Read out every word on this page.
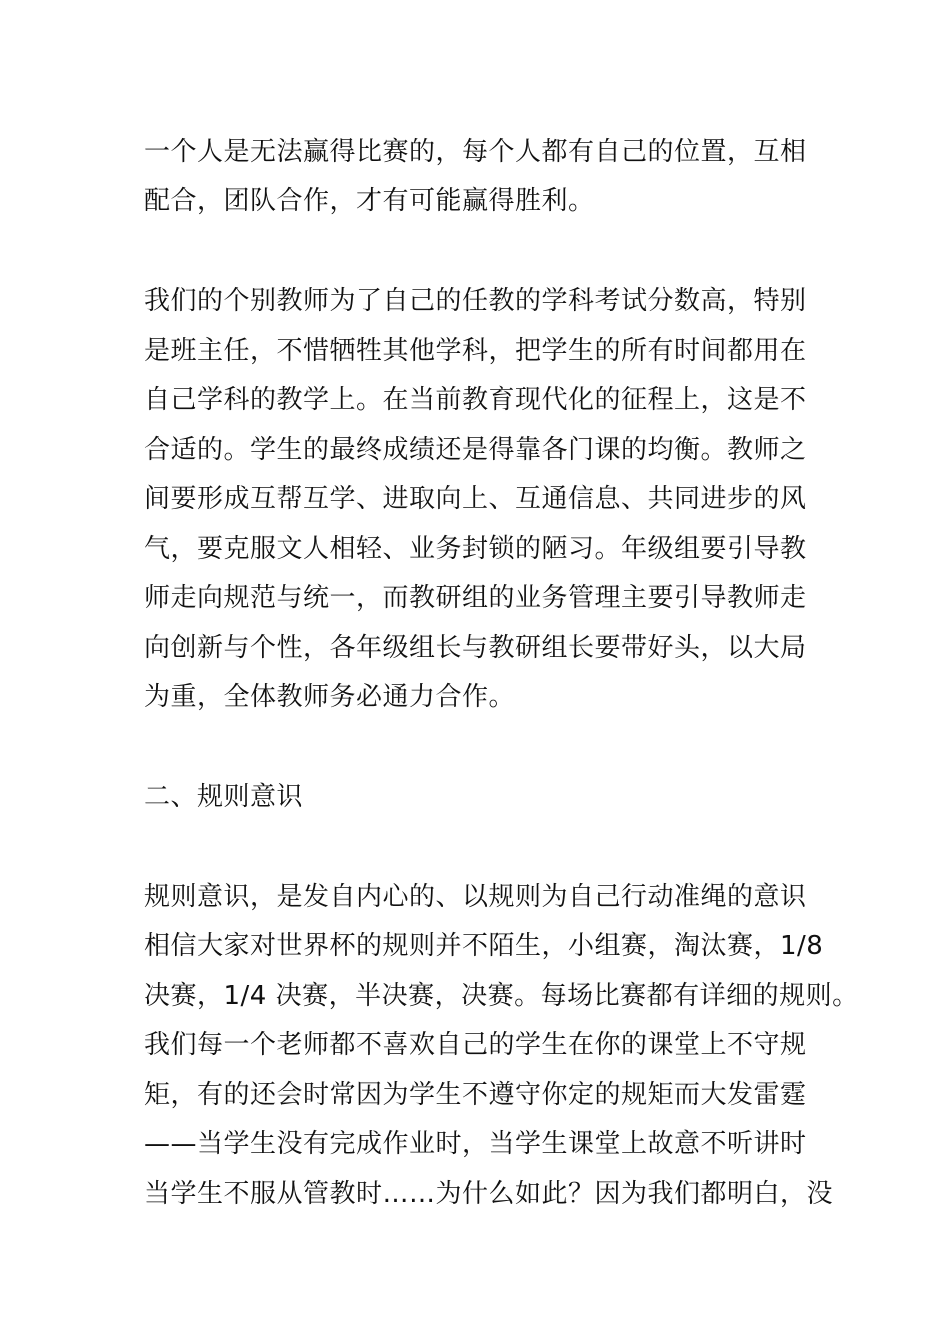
一个人是无法赢得比赛的，每个人都有自己的位置，互相
配合，团队合作，才有可能赢得胜利。
我们的个别教师为了自己的任教的学科考试分数高，特别
是班主任，不惜牺牲其他学科，把学生的所有时间都用在
自己学科的教学上。在当前教育现代化的征程上，这是不
合适的。学生的最终成绩还是得靠各门课的均衡。教师之
间要形成互帮互学、进取向上、互通信息、共同进步的风
气，要克服文人相轻、业务封锁的陋习。年级组要引导教
师走向规范与统一，而教研组的业务管理主要引导教师走
向创新与个性，各年级组长与教研组长要带好头，以大局
为重，全体教师务必通力合作。
二、规则意识
规则意识，是发自内心的、以规则为自己行动准绳的意识
相信大家对世界杯的规则并不陌生，小组赛，淘汰赛，1/8
决赛，1/4 决赛，半决赛，决赛。每场比赛都有详细的规则。
我们每一个老师都不喜欢自己的学生在你的课堂上不守规
矩，有的还会时常因为学生不遵守你定的规矩而大发雷霆
——当学生没有完成作业时，当学生课堂上故意不听讲时
当学生不服从管教时……为什么如此？因为我们都明白，没
